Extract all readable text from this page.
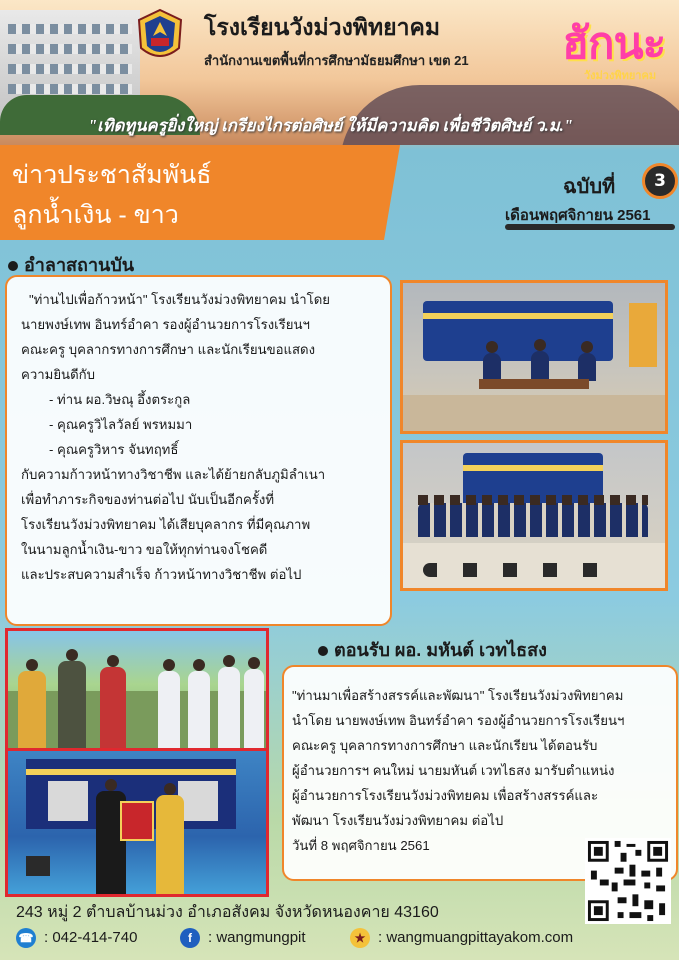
โรงเรียนวังม่วงพิทยาคม
สำนักงานเขตพื้นที่การศึกษามัธยมศึกษา เขต 21 ฮักนะ
วังม่วงพิทยาคม
"เทิดทูนครูยิ่งใหญ่ เกรียงไกรต่อศิษย์ ให้มีความคิด เพื่อชีวิตศิษย์ ว.ม."
ข่าวประชาสัมพันธ์
ลูกน้ำเงิน - ขาว
ฉบับที่	3
เดือนพฤศจิกายน 2561
อำลาสถานบัน

"ท่านไปเพื่อก้าวหน้า" โรงเรียนวังม่วงพิทยาคม นำโดย

นายพงษ์เทพ อินทร์อำคา รองผู้อำนวยการโรงเรียนฯ

คณะครู บุคลากรทางการศึกษา และนักเรียนขอแสดง

ความยินดีกับ

- ท่าน ผอ.วิษณุ อึ้งตระกูล

- คุณครูวิไลวัลย์ พรหมมา

- คุณครูวิหาร จันทฤทธิ์

กับความก้าวหน้าทางวิชาชีพ และได้ย้ายกลับภูมิลำเนา

เพื่อทำภาระกิจของท่านต่อไป นับเป็นอีกครั้งที่

โรงเรียนวังม่วงพิทยาคม ได้เสียบุคลากร ที่มีคุณภาพ

ในนามลูกน้ำเงิน-ขาว ขอให้ทุกท่านจงโชคดี

และประสบความสำเร็จ ก้าวหน้าทางวิชาชีพ ต่อไป

ตอนรับ ผอ. มหันต์ เวทไธสง

"ท่านมาเพื่อสร้างสรรค์และพัฒนา" โรงเรียนวังม่วงพิทยาคม

นำโดย นายพงษ์เทพ อินทร์อำคา รองผู้อำนวยการโรงเรียนฯ

คณะครู บุคลากรทางการศึกษา และนักเรียน ได้ตอนรับ

ผู้อำนวยการฯ คนใหม่ นายมหันต์ เวทไธสง มารับตำแหน่ง

ผู้อำนวยการโรงเรียนวังม่วงพิทยคม เพื่อสร้างสรรค์และ

พัฒนา โรงเรียนวังม่วงพิทยาคม ต่อไป

วันที่ 8 พฤศจิกายน 2561

243 หมู่ 2 ตำบลบ้านม่วง อำเภอสังคม จังหวัดหนองคาย 43160
☎ : 042-414-740	f : wangmungpit	★ : wangmuangpittayakom.com
